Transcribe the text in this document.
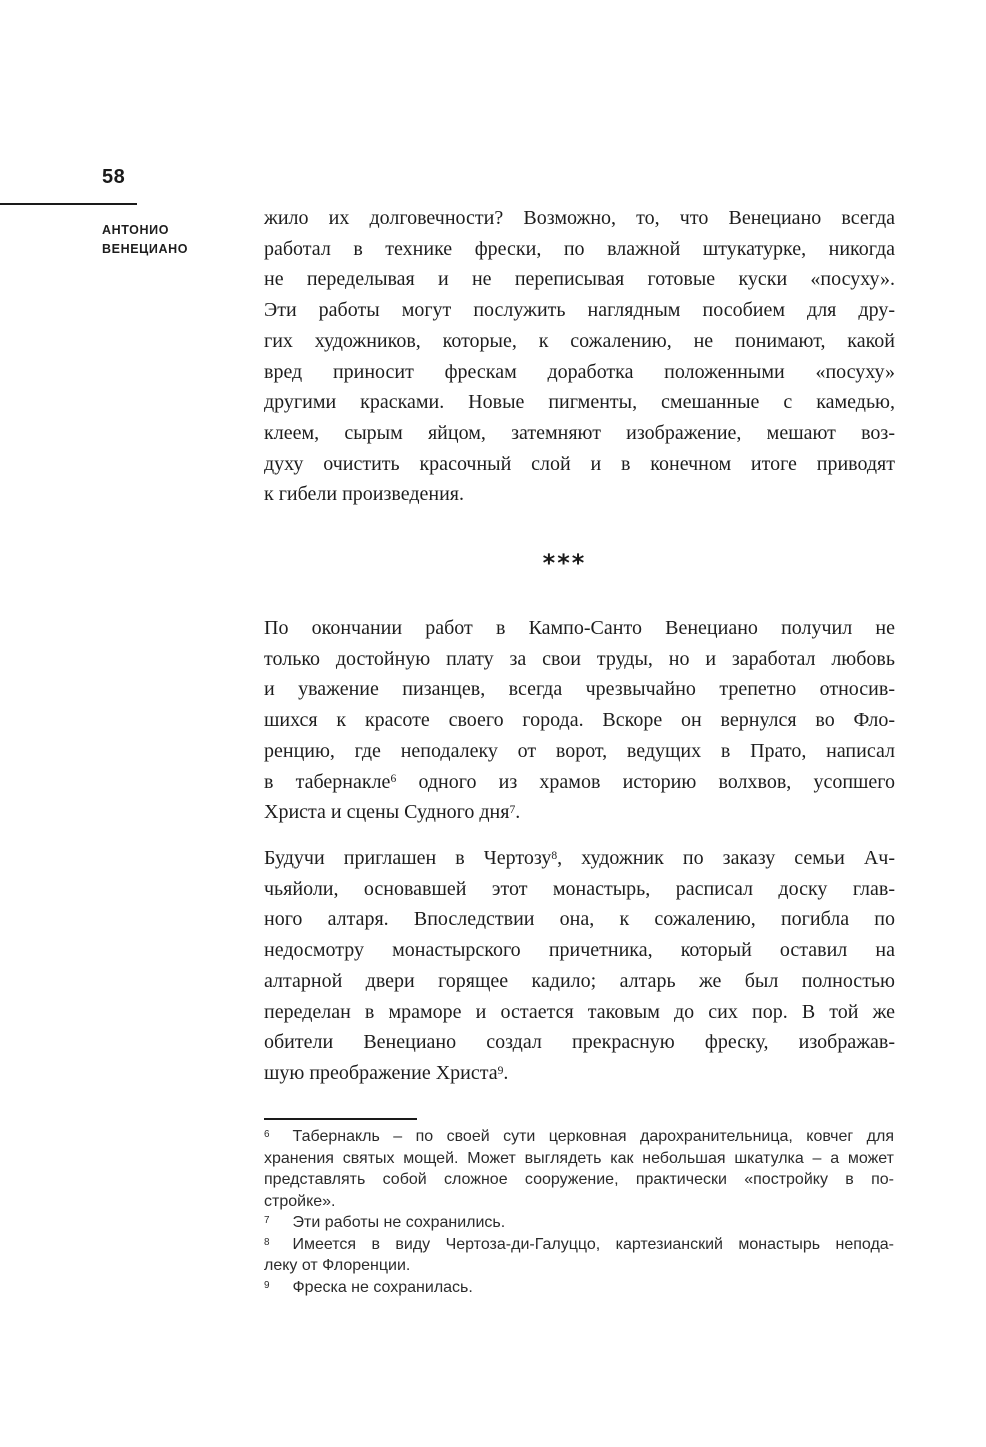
58
АНТОНИО
ВЕНЕЦИАНО
жило их долговечности? Возможно, то, что Венециано всегда
работал в технике фрески, по влажной штукатурке, никогда
не переделывая и не переписывая готовые куски «посуху».
Эти работы могут послужить наглядным пособием для дру-
гих художников, которые, к сожалению, не понимают, какой
вред приносит фрескам доработка положенными «посуху»
другими красками. Новые пигменты, смешанные с камедью,
клеем, сырым яйцом, затемняют изображение, мешают воз-
духу очистить красочный слой и в конечном итоге приводят
к гибели произведения.
***
По окончании работ в Кампо-Санто Венециано получил не
только достойную плату за свои труды, но и заработал любовь
и уважение пизанцев, всегда чрезвычайно трепетно относив-
шихся к красоте своего города. Вскоре он вернулся во Фло-
ренцию, где неподалеку от ворот, ведущих в Прато, написал
в табернакле$^6$ одного из храмов историю волхвов, усопшего
Христа и сцены Судного дня$^7$.
Будучи приглашен в Чертозу$^8$, художник по заказу семьи Ач-
чьяйоли, основавшей этот монастырь, расписал доску глав-
ного алтаря. Впоследствии она, к сожалению, погибла по
недосмотру монастырского причетника, который оставил на
алтарной двери горящее кадило; алтарь же был полностью
переделан в мраморе и остается таковым до сих пор. В той же
обители Венециано создал прекрасную фреску, изображав-
шую преображение Христа$^9$.
$^6$ Табернакль – по своей сути церковная дарохранительница, ковчег для
хранения святых мощей. Может выглядеть как небольшая шкатулка – а может
представлять собой сложное сооружение, практически «постройку в по-
стройке».
$^7$ Эти работы не сохранились.
$^8$ Имеется в виду Чертоза-ди-Галуццо, картезианский монастырь непода-
леку от Флоренции.
$^9$ Фреска не сохранилась.
